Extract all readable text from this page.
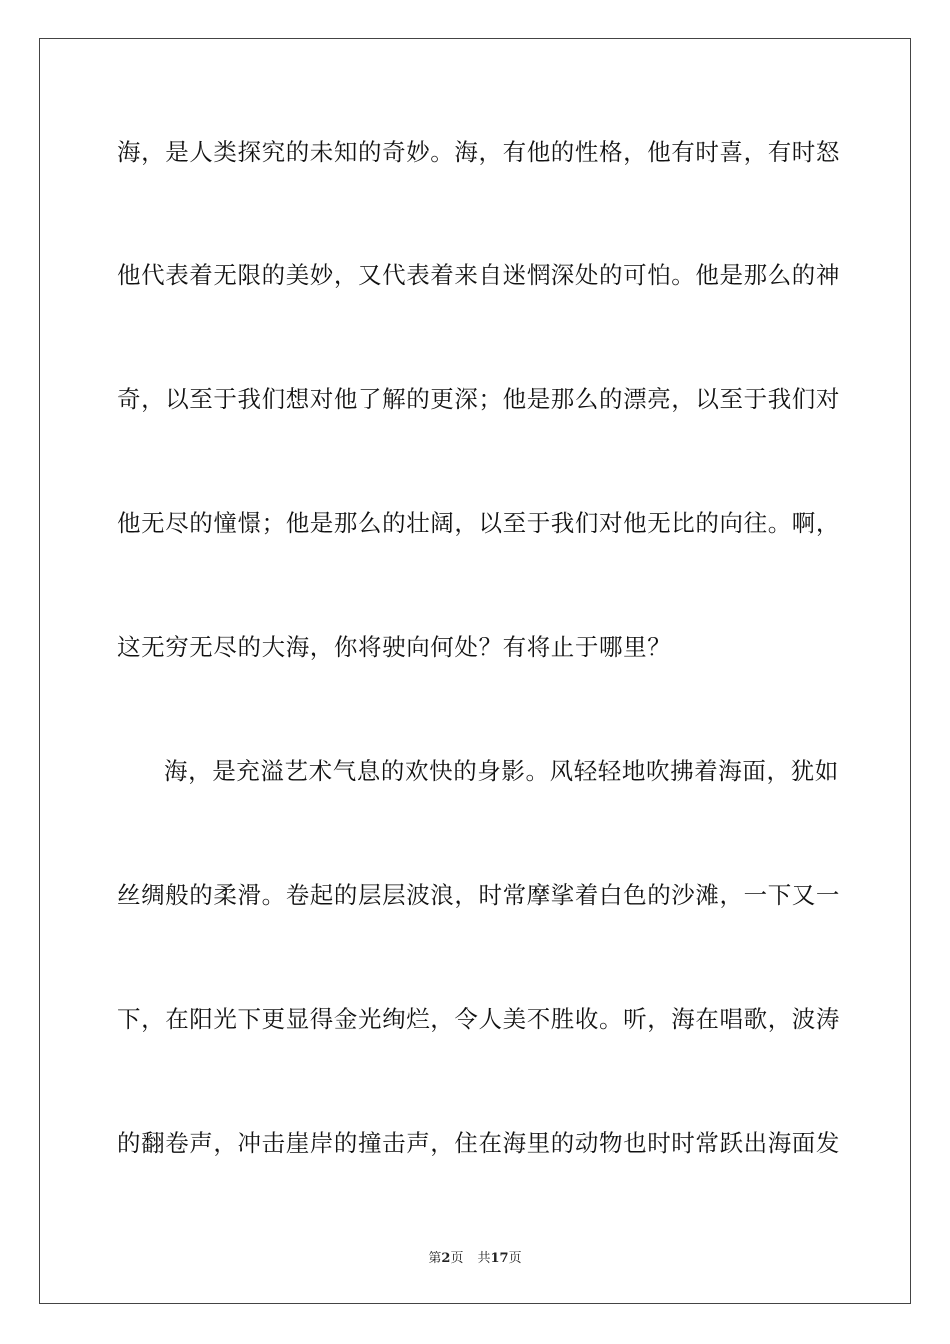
海，是人类探究的未知的奇妙。海，有他的性格，他有时喜，有时怒
他代表着无限的美妙，又代表着来自迷惘深处的可怕。他是那么的神
奇，以至于我们想对他了解的更深；他是那么的漂亮，以至于我们对
他无尽的憧憬；他是那么的壮阔，以至于我们对他无比的向往。啊，
这无穷无尽的大海，你将驶向何处？有将止于哪里？
海，是充溢艺术气息的欢快的身影。风轻轻地吹拂着海面，犹如
丝绸般的柔滑。卷起的层层波浪，时常摩挲着白色的沙滩，一下又一
下，在阳光下更显得金光绚烂，令人美不胜收。听，海在唱歌，波涛
的翻卷声，冲击崖岸的撞击声，住在海里的动物也时时常跃出海面发
第2页 共17页
